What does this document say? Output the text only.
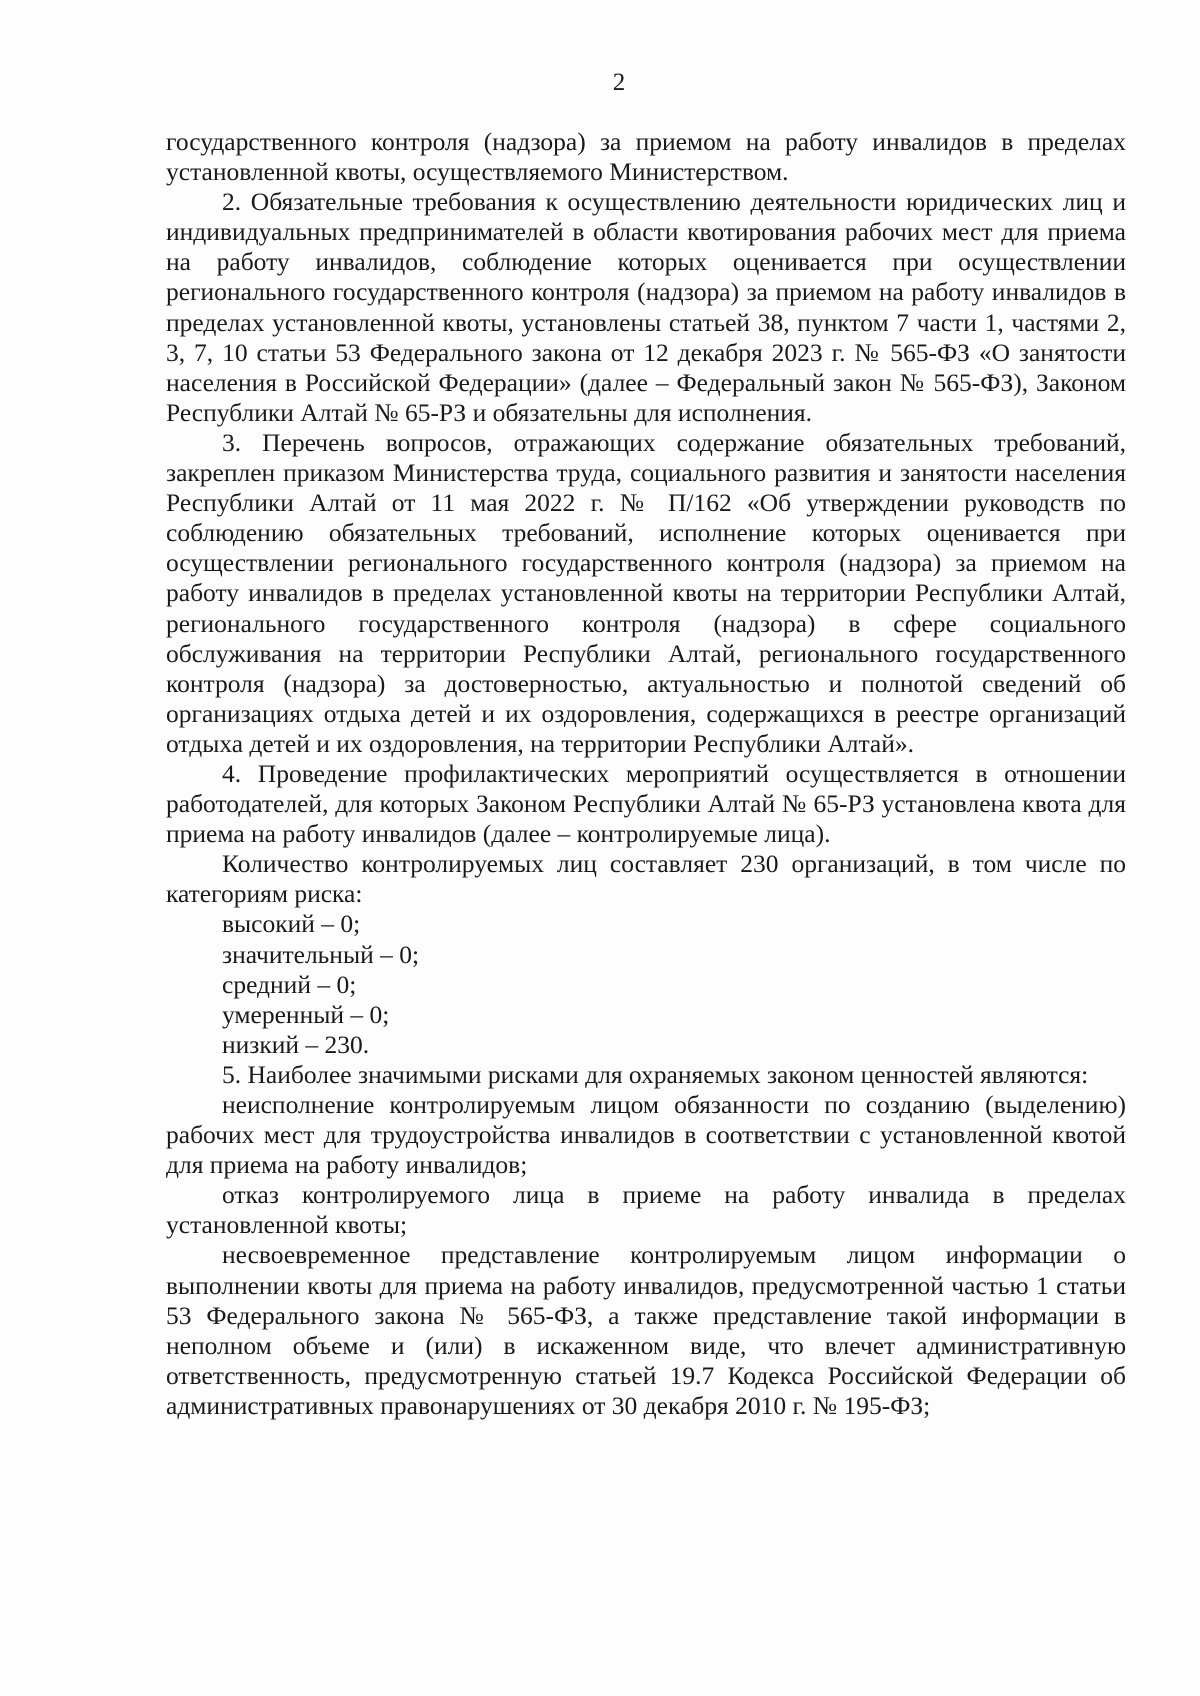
2

государственного контроля (надзора) за приемом на работу инвалидов в пределах установленной квоты, осуществляемого Министерством.

2. Обязательные требования к осуществлению деятельности юридических лиц и индивидуальных предпринимателей в области квотирования рабочих мест для приема на работу инвалидов, соблюдение которых оценивается при осуществлении регионального государственного контроля (надзора) за приемом на работу инвалидов в пределах установленной квоты, установлены статьей 38, пунктом 7 части 1, частями 2, 3, 7, 10 статьи 53 Федерального закона от 12 декабря 2023 г. № 565-ФЗ «О занятости населения в Российской Федерации» (далее – Федеральный закон № 565-ФЗ), Законом Республики Алтай № 65-РЗ и обязательны для исполнения.

3. Перечень вопросов, отражающих содержание обязательных требований, закреплен приказом Министерства труда, социального развития и занятости населения Республики Алтай от 11 мая 2022 г. № П/162 «Об утверждении руководств по соблюдению обязательных требований, исполнение которых оценивается при осуществлении регионального государственного контроля (надзора) за приемом на работу инвалидов в пределах установленной квоты на территории Республики Алтай, регионального государственного контроля (надзора) в сфере социального обслуживания на территории Республики Алтай, регионального государственного контроля (надзора) за достоверностью, актуальностью и полнотой сведений об организациях отдыха детей и их оздоровления, содержащихся в реестре организаций отдыха детей и их оздоровления, на территории Республики Алтай».

4. Проведение профилактических мероприятий осуществляется в отношении работодателей, для которых Законом Республики Алтай № 65-РЗ установлена квота для приема на работу инвалидов (далее – контролируемые лица).

Количество контролируемых лиц составляет 230 организаций, в том числе по категориям риска:

высокий – 0;

значительный – 0;

средний – 0;

умеренный – 0;

низкий – 230.

5. Наиболее значимыми рисками для охраняемых законом ценностей являются:

неисполнение контролируемым лицом обязанности по созданию (выделению) рабочих мест для трудоустройства инвалидов в соответствии с установленной квотой для приема на работу инвалидов;

отказ контролируемого лица в приеме на работу инвалида в пределах установленной квоты;

несвоевременное представление контролируемым лицом информации о выполнении квоты для приема на работу инвалидов, предусмотренной частью 1 статьи 53 Федерального закона № 565-ФЗ, а также представление такой информации в неполном объеме и (или) в искаженном виде, что влечет административную ответственность, предусмотренную статьей 19.7 Кодекса Российской Федерации об административных правонарушениях от 30 декабря 2010 г. № 195-ФЗ;
